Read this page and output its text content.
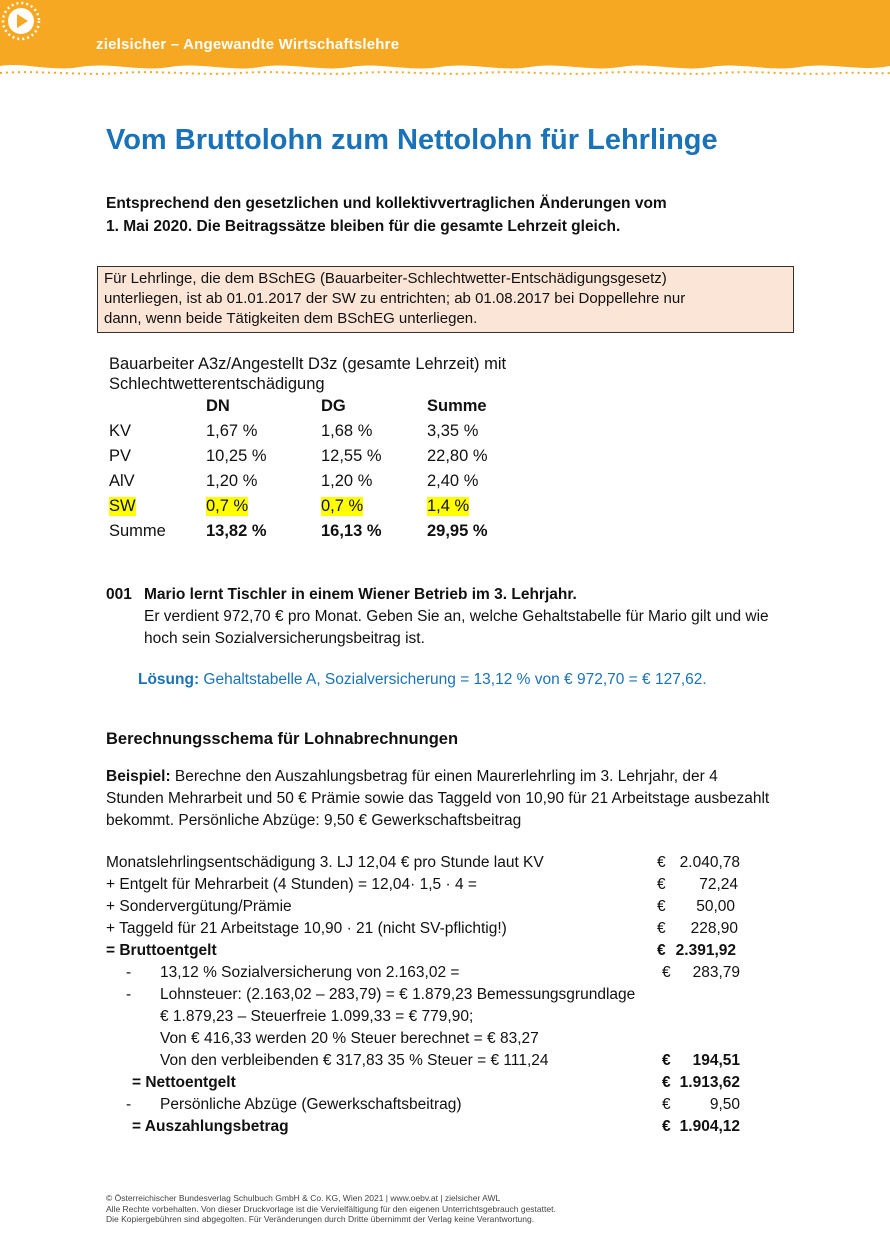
zielsicher – Angewandte Wirtschaftslehre
Vom Bruttolohn zum Nettolohn für Lehrlinge
Entsprechend den gesetzlichen und kollektivvertraglichen Änderungen vom
1. Mai 2020. Die Beitragssätze bleiben für die gesamte Lehrzeit gleich.
Für Lehrlinge, die dem BSchEG (Bauarbeiter-Schlechtwetter-Entschädigungsgesetz)
unterliegen, ist ab 01.01.2017 der SW zu entrichten; ab 01.08.2017 bei Doppellehre nur
dann, wenn beide Tätigkeiten dem BSchEG unterliegen.
Bauarbeiter A3z/Angestellt D3z (gesamte Lehrzeit) mit
Schlechtwetterentschädigung
DN	DG	Summe
KV	1,67 %	1,68 %	3,35 %
PV	10,25 %	12,55 %	22,80 %
AlV	1,20 %	1,20 %	2,40 %
SW	0,7 %	0,7 %	1,4 %
Summe 13,82 %	16,13 %	29,95 %
001 Mario lernt Tischler in einem Wiener Betrieb im 3. Lehrjahr.
Er verdient 972,70 € pro Monat. Geben Sie an, welche Gehaltstabelle für Mario gilt und wie hoch sein Sozialversicherungsbeitrag ist.
Lösung: Gehaltstabelle A, Sozialversicherung = 13,12 % von € 972,70 = € 127,62.
Berechnungsschema für Lohnabrechnungen
Beispiel: Berechne den Auszahlungsbetrag für einen Maurerlehrling im 3. Lehrjahr, der 4 Stunden Mehrarbeit und 50 € Prämie sowie das Taggeld von 10,90 für 21 Arbeitstage ausbezahlt bekommt. Persönliche Abzüge: 9,50 € Gewerkschaftsbeitrag
Monatslehrlingsentschädigung 3. LJ 12,04 € pro Stunde laut KV	€ 2.040,78
+ Entgelt für Mehrarbeit (4 Stunden) = 12,04· 1,5 · 4 =	€	72,24
+ Sondervergütung/Prämie	€	50,00
+ Taggeld für 21 Arbeitstage 10,90 · 21 (nicht SV-pflichtig!)	€	228,90
= Bruttoentgelt	€ 2.391,92
- 13,12 % Sozialversicherung von 2.163,02 =	€	283,79
- Lohnsteuer: (2.163,02 – 283,79) = € 1.879,23 Bemessungsgrundlage
€ 1.879,23 – Steuerfreie 1.099,33 = € 779,90;
Von € 416,33 werden 20 % Steuer berechnet = € 83,27
Von den verbleibenden € 317,83 35 % Steuer = € 111,24	€	194,51
= Nettoentgelt	€ 1.913,62
- Persönliche Abzüge (Gewerkschaftsbeitrag)	€	9,50
= Auszahlungsbetrag	€ 1.904,12
© Österreichischer Bundesverlag Schulbuch GmbH & Co. KG, Wien 2021 | www.oebv.at | zielsicher AWL
Alle Rechte vorbehalten. Von dieser Druckvorlage ist die Vervielfältigung für den eigenen Unterrichtsgebrauch gestattet.
Die Kopiergebühren sind abgegolten. Für Veränderungen durch Dritte übernimmt der Verlag keine Verantwortung.
